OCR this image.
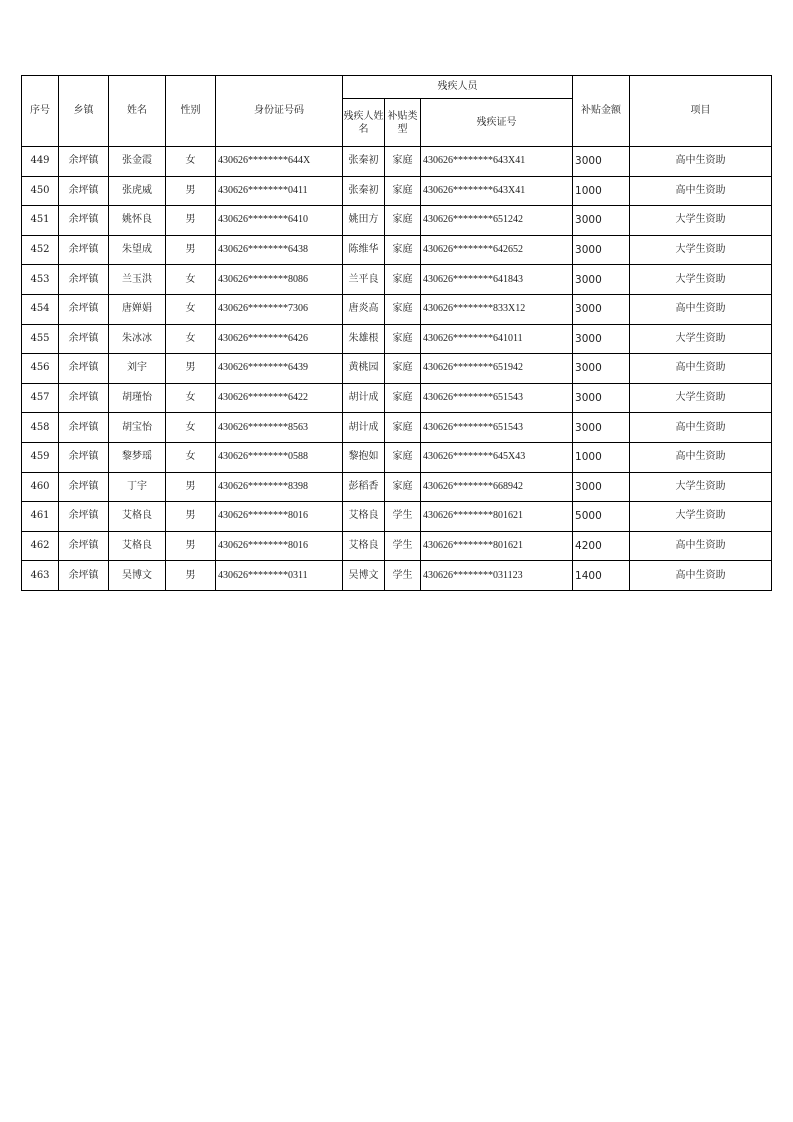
序号	乡镇	姓名	性别	身份证号码	残疾人员			补贴金额	项目
					残疾人姓名	补贴类型	残疾证号		
449	余坪镇	张金霞	女	430626********644X	张秦初	家庭	430626********643X41	3000	高中生资助
450	余坪镇	张虎威	男	430626********0411	张秦初	家庭	430626********643X41	1000	高中生资助
451	余坪镇	姚怀良	男	430626********6410	姚田方	家庭	430626********651242	3000	大学生资助
452	余坪镇	朱望成	男	430626********6438	陈维华	家庭	430626********642652	3000	大学生资助
453	余坪镇	兰玉洪	女	430626********8086	兰平良	家庭	430626********641843	3000	大学生资助
454	余坪镇	唐婵娟	女	430626********7306	唐炎高	家庭	430626********833X12	3000	高中生资助
455	余坪镇	朱冰冰	女	430626********6426	朱雄根	家庭	430626********641011	3000	大学生资助
456	余坪镇	刘宇	男	430626********6439	黄桃园	家庭	430626********651942	3000	高中生资助
457	余坪镇	胡瑾怡	女	430626********6422	胡计成	家庭	430626********651543	3000	大学生资助
458	余坪镇	胡宝怡	女	430626********8563	胡计成	家庭	430626********651543	3000	高中生资助
459	余坪镇	黎梦瑶	女	430626********0588	黎抱如	家庭	430626********645X43	1000	高中生资助
460	余坪镇	丁宇	男	430626********8398	彭稻香	家庭	430626********668942	3000	大学生资助
461	余坪镇	艾格良	男	430626********8016	艾格良	学生	430626********801621	5000	大学生资助
462	余坪镇	艾格良	男	430626********8016	艾格良	学生	430626********801621	4200	高中生资助
463	余坪镇	吴博文	男	430626********0311	吴博文	学生	430626********031123	1400	高中生资助
